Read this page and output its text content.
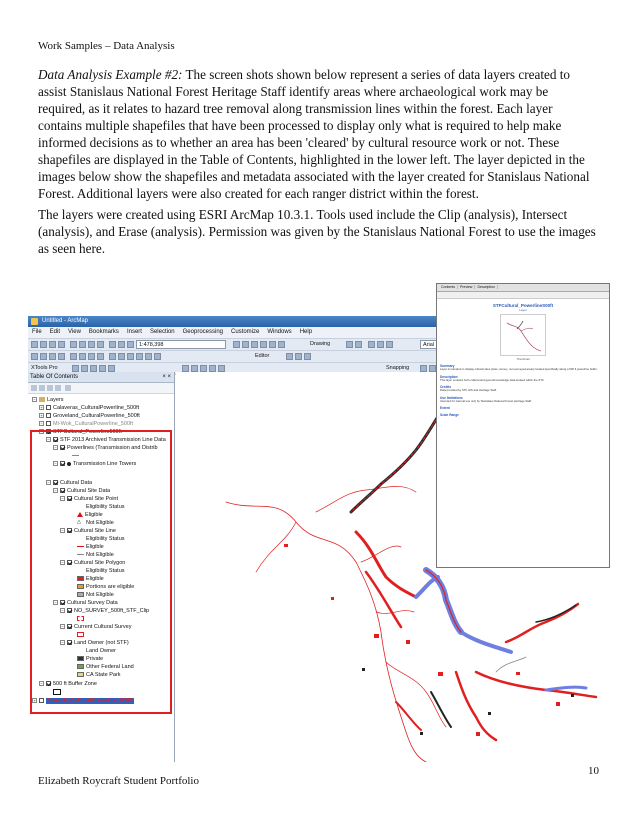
Work Samples – Data Analysis
Data Analysis Example #2: The screen shots shown below represent a series of data layers created to assist Stanislaus National Forest Heritage Staff identify areas where archaeological work may be required, as it relates to hazard tree removal along transmission lines within the forest. Each layer contains multiple shapefiles that have been processed to display only what is required to help make informed decisions as to whether an area has been 'cleared' by cultural resource work or not. These shapefiles are displayed in the Table of Contents, highlighted in the lower left. The layer depicted in the images below show the shapefiles and metadata associated with the layer created for Stanislaus National Forest. Additional layers were also created for each ranger district within the forest.
The layers were created using ESRI ArcMap 10.3.1. Tools used include the Clip (analysis), Intersect (analysis), and Erase (analysis). Permission was given by the Stanislaus National Forest to use the images as seen here.
Untitled - ArcMap
File Edit View Bookmarks Insert Selection Geoprocessing Customize Windows Help
1:478,398	Drawing	Arial
Editor
XTools Pro	Snapping
Table Of Contents	× ×
− Layers
+ Calaveras_CulturalPowerline_500ft
+ Groveland_CulturalPowerline_500ft
+ Mi-Wok_CulturalPowerline_500ft
− STFCultural_Powerline500ft
− STF 2013 Archived Transmission Line Data
− Powerlines (Transmission and Distrib
−	Transmission Line Towers
− Cultural Data
− Cultural Site Data
− Cultural Site Point
Eligibility Status
Eligible
△ Not Eligible
− Cultural Site Line
Eligibility Status
Eligible
Not Eligible
− Cultural Site Polygon
Eligibility Status
Eligible
Portions are eligible
Not Eligible
− Cultural Survey Data
− NO_SURVEY_500ft_STF_Clip
− Current Cultural Survey
− Land Owner (not STF)
Land Owner
Private
Other Federal Land
CA State Park
− 500 ft Buffer Zone
+ Summit_CulturalPowerline_500ft
Contents Preview Description
STFCultural_PowerlineS00ft
Layer
Thumbnail
Summary
Layer is intended to display cultural sites (sites, survey, non-surveyed areas) located specifically along a 500 ft powerline buffer.
Description
This layer contains both cultural and general knowledge data located within the STF.
Credits
Data provided by STF GIS and Heritage Staff.
Use limitations
Intended for internal use only by Stanislaus National Forest Heritage Staff.
Extent
Scale Range
10
Elizabeth Roycraft Student Portfolio
